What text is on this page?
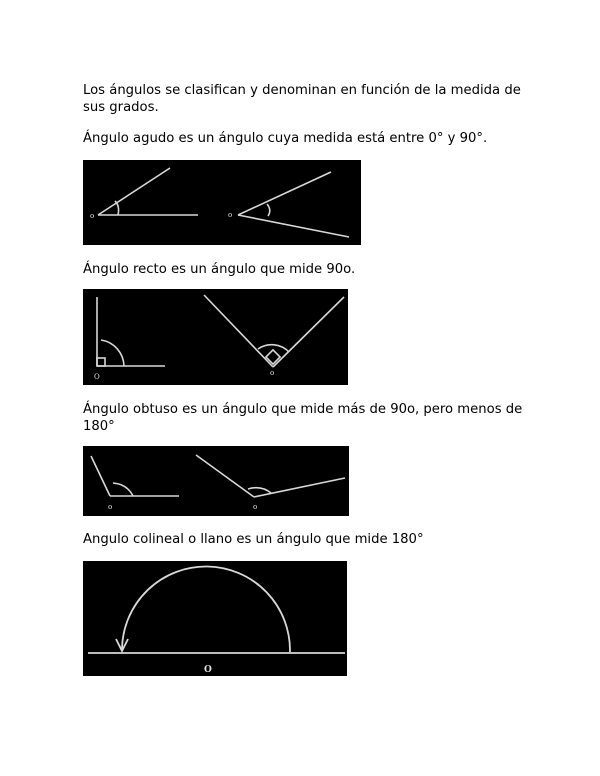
Los ángulos se clasifican y denominan en función de la medida de sus grados.

Ángulo agudo es un ángulo cuya medida está entre 0° y 90°.

o	o

Ángulo recto es un ángulo que mide 90o.

O	o

Ángulo obtuso es un ángulo que mide más de 90o, pero menos de 180°

o	o

Angulo colineal o llano es un ángulo que mide 180°

O
